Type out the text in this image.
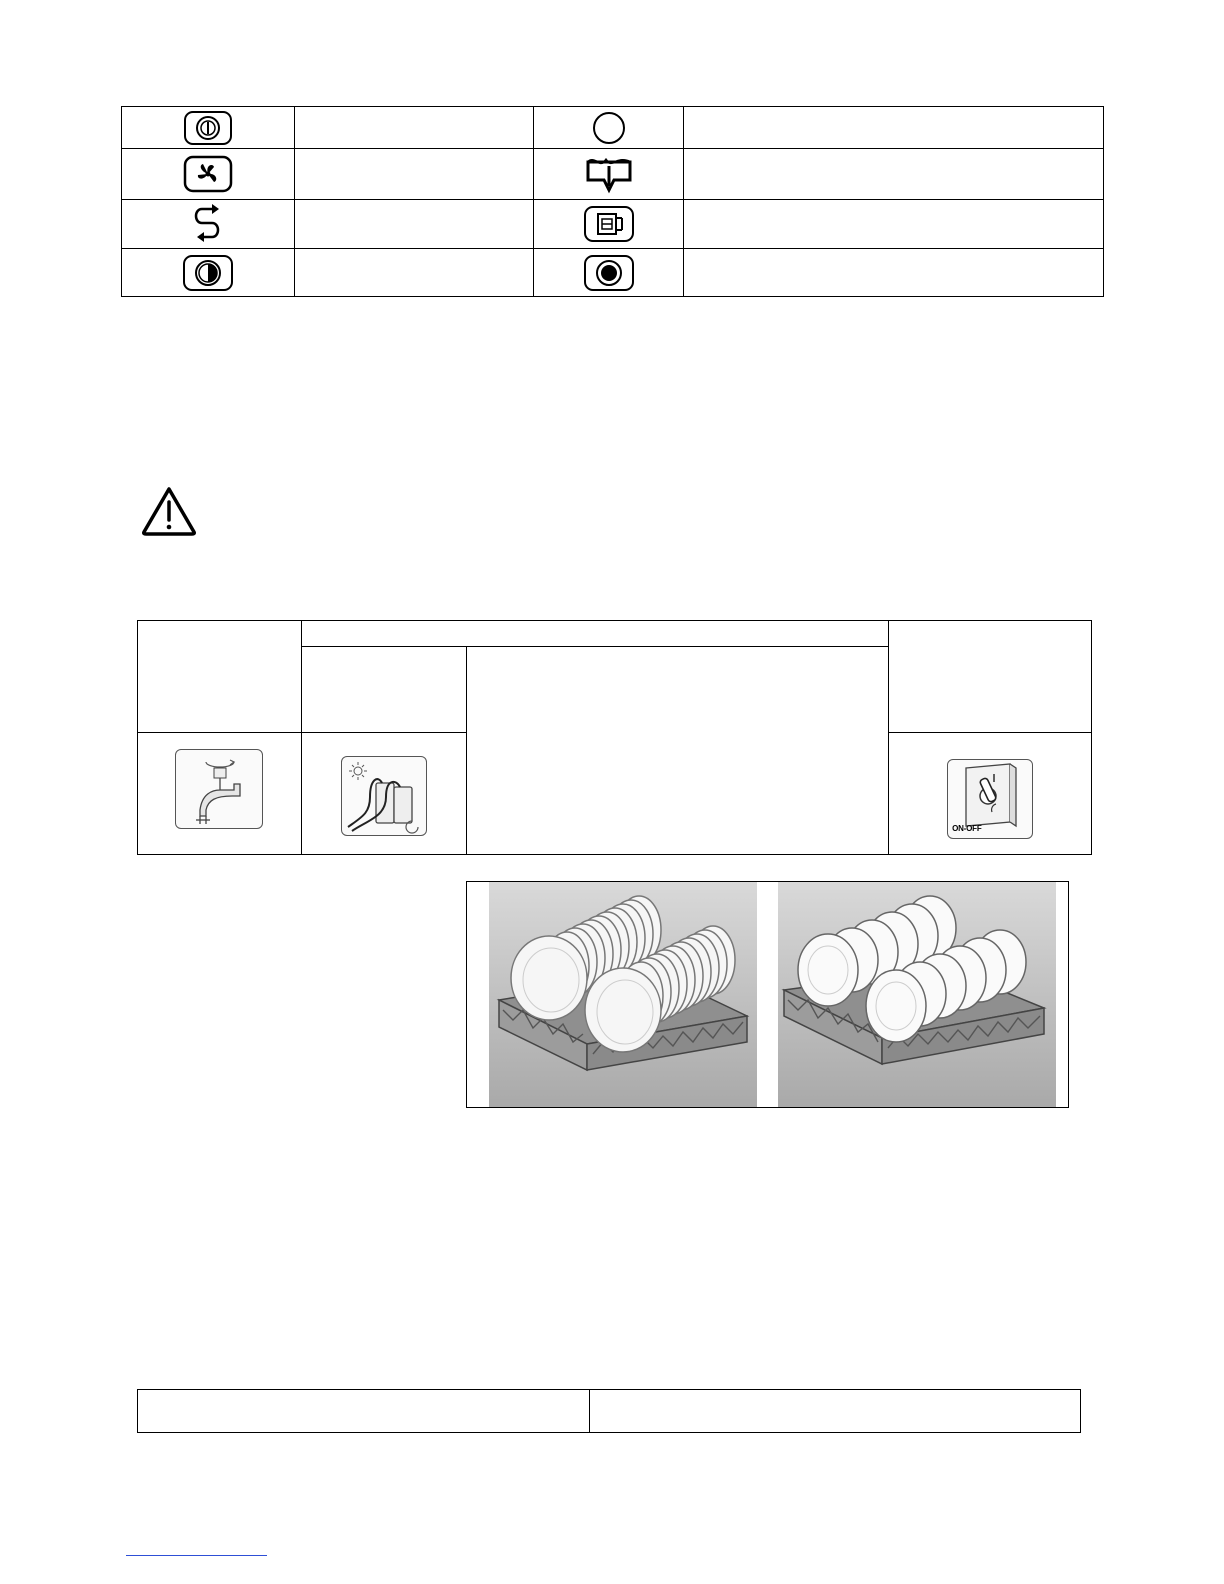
ON-OFF
